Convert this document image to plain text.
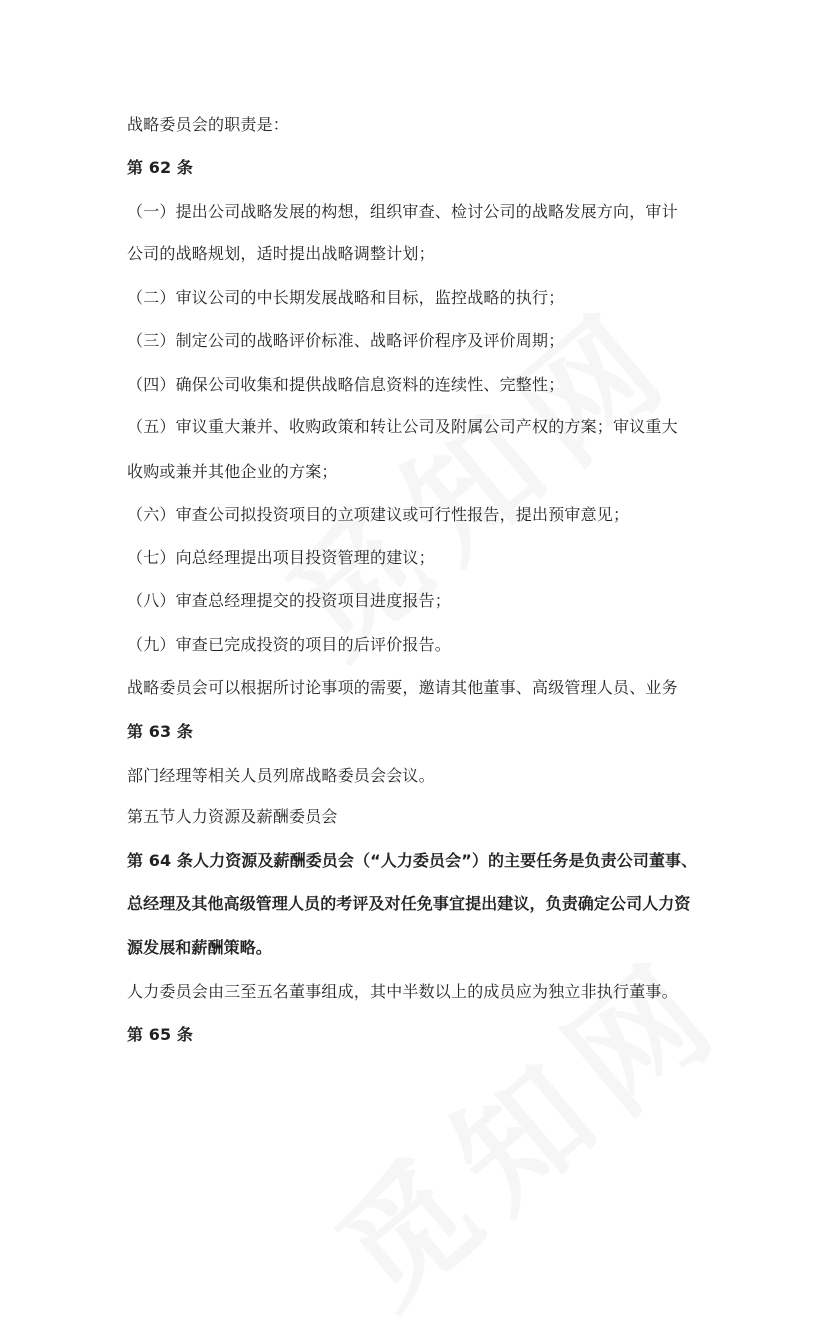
战略委员会的职责是：
第 62 条
（一）提出公司战略发展的构想，组织审查、检讨公司的战略发展方向，审计
公司的战略规划，适时提出战略调整计划；
（二）审议公司的中长期发展战略和目标，监控战略的执行；
（三）制定公司的战略评价标准、战略评价程序及评价周期；
（四）确保公司收集和提供战略信息资料的连续性、完整性；
（五）审议重大兼并、收购政策和转让公司及附属公司产权的方案；审议重大
收购或兼并其他企业的方案；
（六）审查公司拟投资项目的立项建议或可行性报告，提出预审意见；
（七）向总经理提出项目投资管理的建议；
（八）审查总经理提交的投资项目进度报告；
（九）审查已完成投资的项目的后评价报告。
战略委员会可以根据所讨论事项的需要，邀请其他董事、高级管理人员、业务
第 63 条
部门经理等相关人员列席战略委员会会议。
第五节人力资源及薪酬委员会
第 64 条人力资源及薪酬委员会（“人力委员会”）的主要任务是负责公司董事、
总经理及其他高级管理人员的考评及对任免事宜提出建议，负责确定公司人力资
源发展和薪酬策略。
人力委员会由三至五名董事组成，其中半数以上的成员应为独立非执行董事。
第 65 条
